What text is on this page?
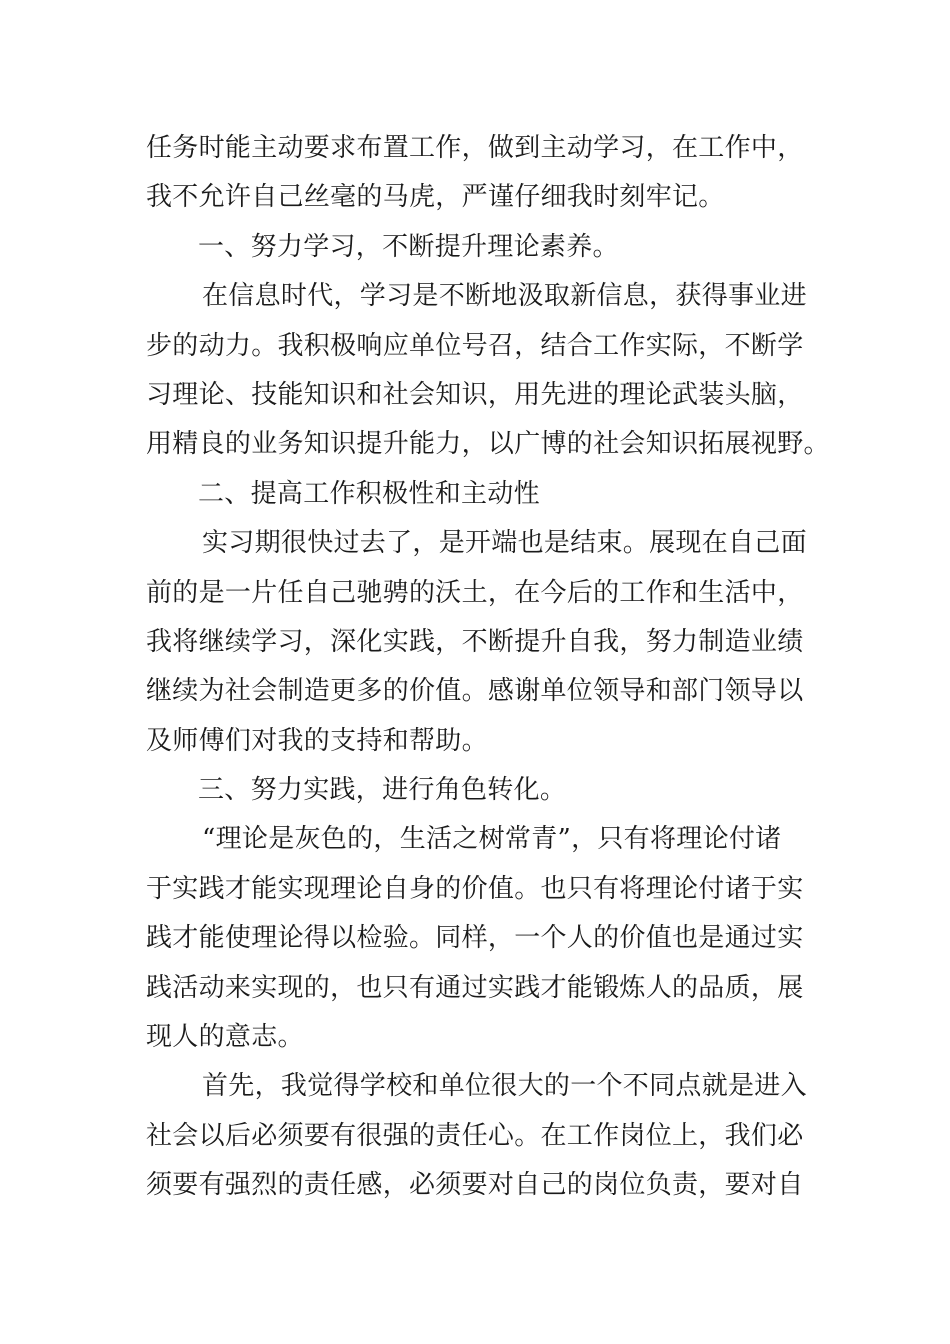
任务时能主动要求布置工作，做到主动学习，在工作中，
我不允许自己丝毫的马虎，严谨仔细我时刻牢记。
一、努力学习，不断提升理论素养。
在信息时代，学习是不断地汲取新信息，获得事业进
步的动力。我积极响应单位号召，结合工作实际，不断学
习理论、技能知识和社会知识，用先进的理论武装头脑，
用精良的业务知识提升能力，以广博的社会知识拓展视野。
二、提高工作积极性和主动性
实习期很快过去了，是开端也是结束。展现在自己面
前的是一片任自己驰骋的沃土，在今后的工作和生活中，
我将继续学习，深化实践，不断提升自我，努力制造业绩
继续为社会制造更多的价值。感谢单位领导和部门领导以
及师傅们对我的支持和帮助。
三、努力实践，进行角色转化。
“理论是灰色的，生活之树常青”，只有将理论付诸
于实践才能实现理论自身的价值。也只有将理论付诸于实
践才能使理论得以检验。同样，一个人的价值也是通过实
践活动来实现的，也只有通过实践才能锻炼人的品质，展
现人的意志。
首先，我觉得学校和单位很大的一个不同点就是进入
社会以后必须要有很强的责任心。在工作岗位上，我们必
须要有强烈的责任感，必须要对自己的岗位负责，要对自
